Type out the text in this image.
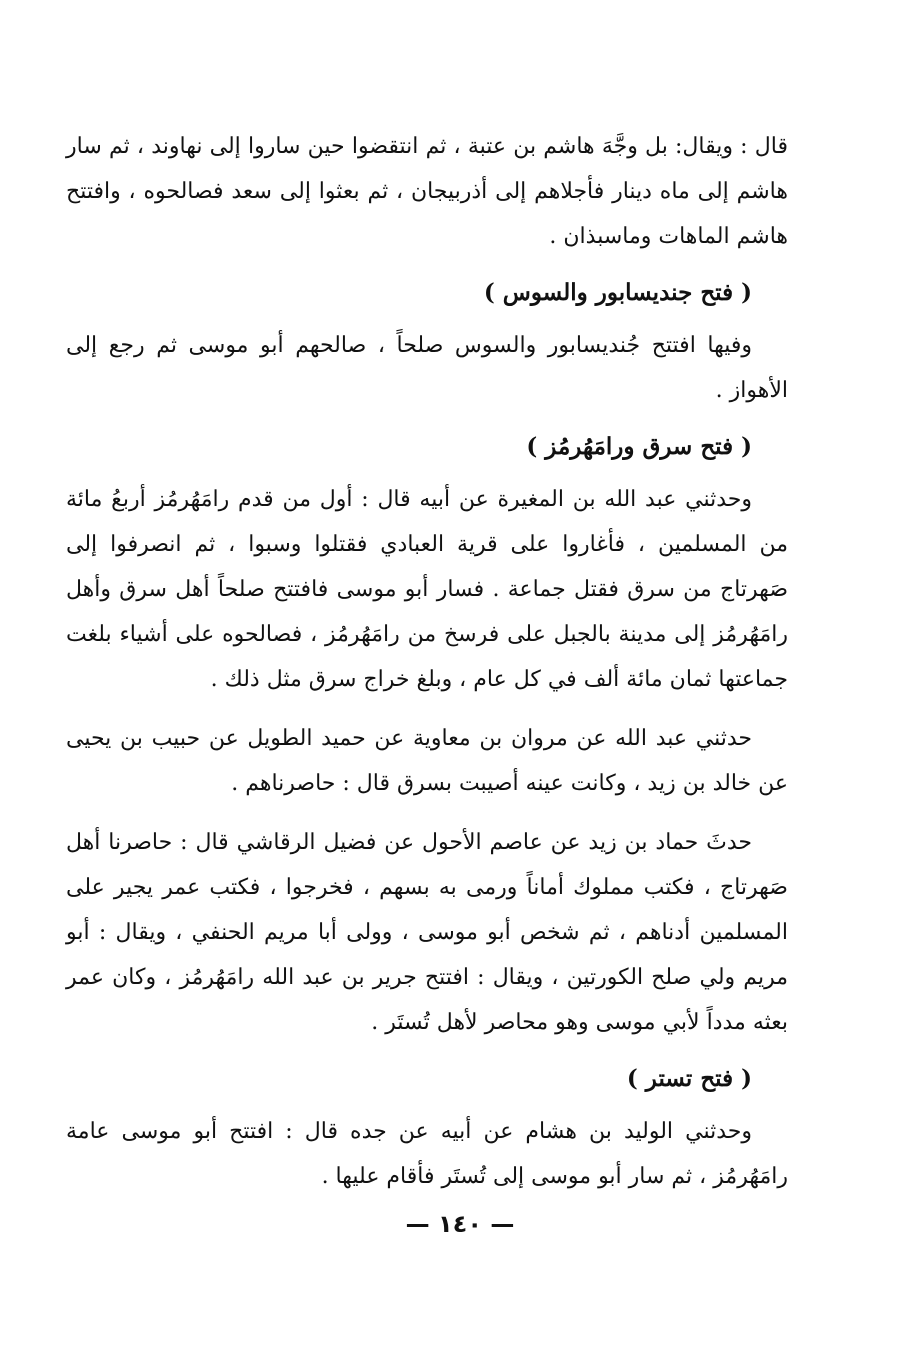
قال : ويقال: بل وجَّهَ هاشم بن عتبة ، ثم انتقضوا حين ساروا إلى نهاوند ، ثم سار هاشم إلى ماه دينار فأجلاهم إلى أذربيجان ، ثم بعثوا إلى سعد فصالحوه ، وافتتح هاشم الماهات وماسبذان .

( فتح جنديسابور والسوس )

وفيها افتتح جُنديسابور والسوس صلحاً ، صالحهم أبو موسى ثم رجع إلى الأهواز .

( فتح سرق ورامَهُرمُز )

وحدثني عبد الله بن المغيرة عن أبيه قال : أول من قدم رامَهُرمُز أربعُ مائة من المسلمين ، فأغاروا على قرية العبادي فقتلوا وسبوا ، ثم انصرفوا إلى صَهرتاج من سرق فقتل جماعة . فسار أبو موسى فافتتح صلحاً أهل سرق وأهل رامَهُرمُز إلى مدينة بالجبل على فرسخ من رامَهُرمُز ، فصالحوه على أشياء بلغت جماعتها ثمان مائة ألف في كل عام ، وبلغ خراج سرق مثل ذلك .

حدثني عبد الله عن مروان بن معاوية عن حميد الطويل عن حبيب بن يحيى عن خالد بن زيد ، وكانت عينه أصيبت بسرق قال : حاصرناهم .

حدثَ حماد بن زيد عن عاصم الأحول عن فضيل الرقاشي قال : حاصرنا أهل صَهرتاج ، فكتب مملوك أماناً ورمى به بسهم ، فخرجوا ، فكتب عمر يجير على المسلمين أدناهم ، ثم شخص أبو موسى ، وولى أبا مريم الحنفي ، ويقال : أبو مريم ولي صلح الكورتين ، ويقال : افتتح جرير بن عبد الله رامَهُرمُز ، وكان عمر بعثه مدداً لأبي موسى وهو محاصر لأهل تُستَر .

( فتح تستر )

وحدثني الوليد بن هشام عن أبيه عن جده قال : افتتح أبو موسى عامة رامَهُرمُز ، ثم سار أبو موسى إلى تُستَر فأقام عليها .

— ١٤٠ —
